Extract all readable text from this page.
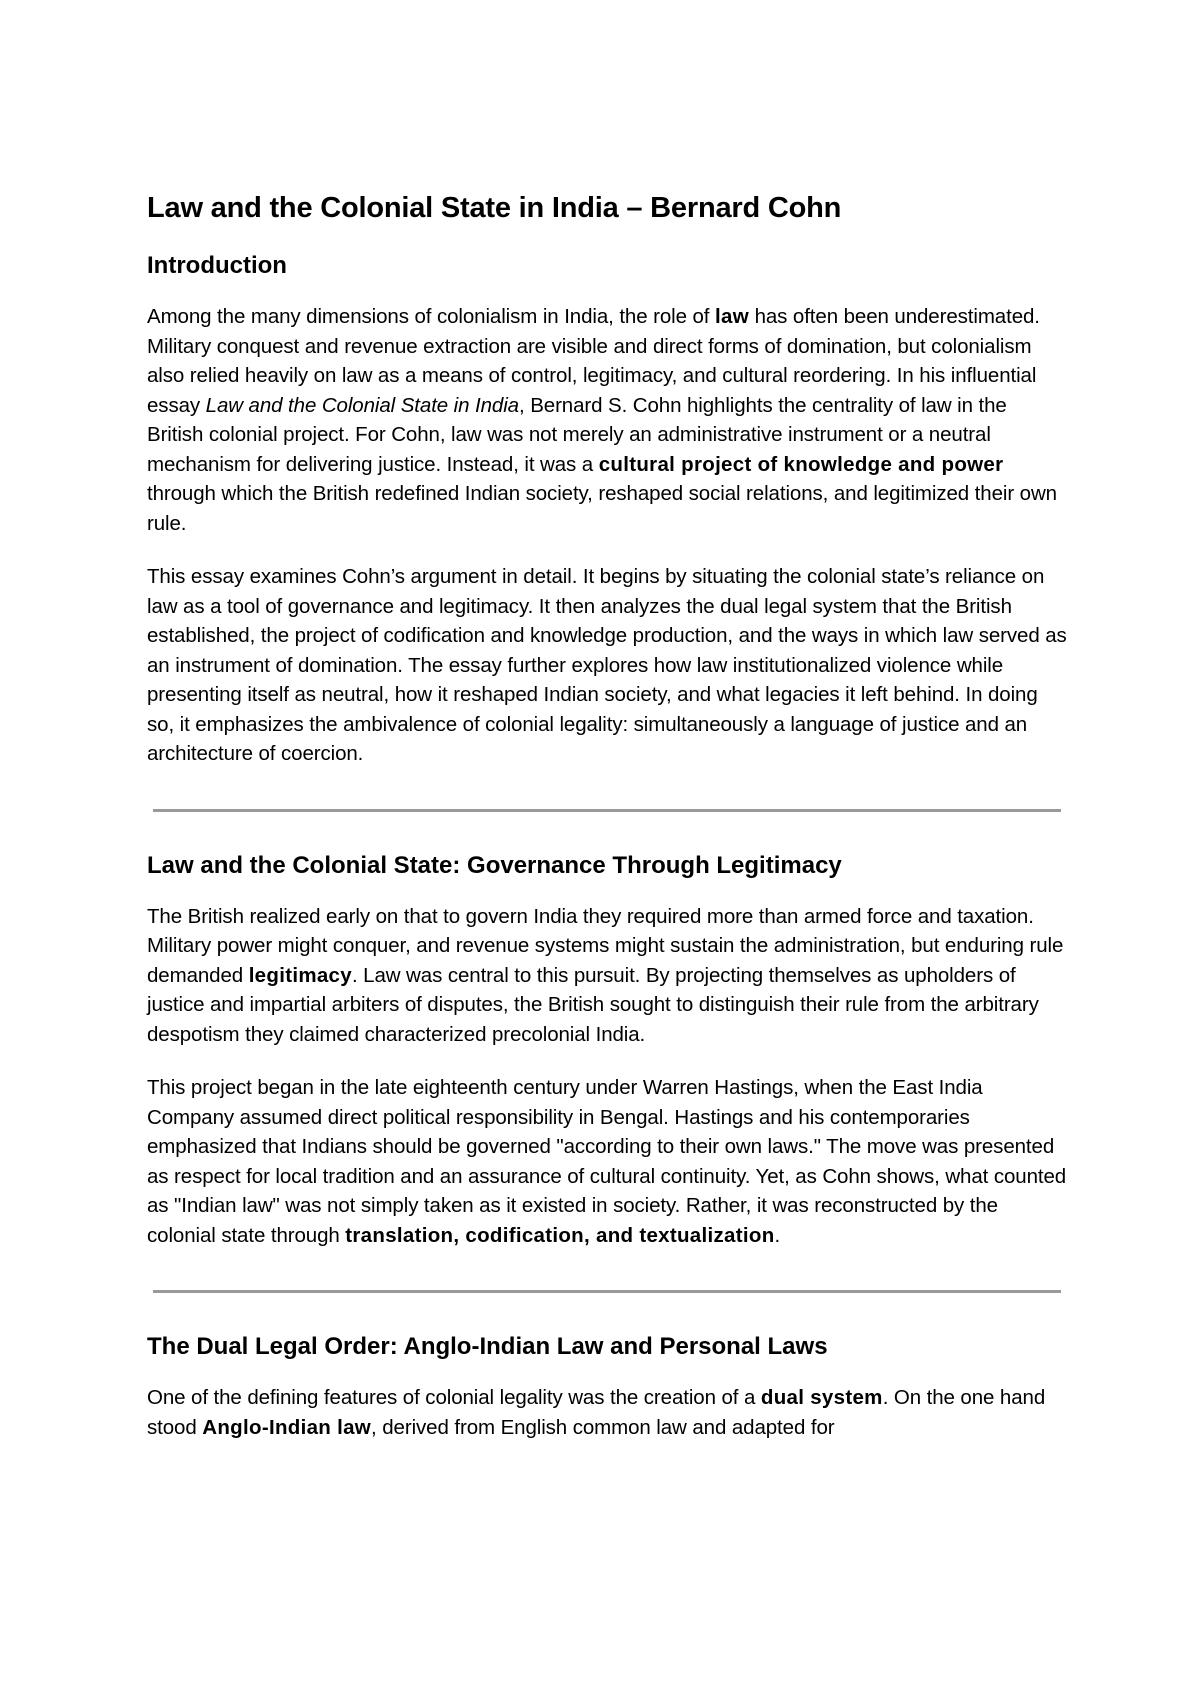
Law and the Colonial State in India – Bernard Cohn
Introduction

Among the many dimensions of colonialism in India, the role of law has often been underestimated. Military conquest and revenue extraction are visible and direct forms of domination, but colonialism also relied heavily on law as a means of control, legitimacy, and cultural reordering. In his influential essay Law and the Colonial State in India, Bernard S. Cohn highlights the centrality of law in the British colonial project. For Cohn, law was not merely an administrative instrument or a neutral mechanism for delivering justice. Instead, it was a cultural project of knowledge and power through which the British redefined Indian society, reshaped social relations, and legitimized their own rule.

This essay examines Cohn’s argument in detail. It begins by situating the colonial state’s reliance on law as a tool of governance and legitimacy. It then analyzes the dual legal system that the British established, the project of codification and knowledge production, and the ways in which law served as an instrument of domination. The essay further explores how law institutionalized violence while presenting itself as neutral, how it reshaped Indian society, and what legacies it left behind. In doing so, it emphasizes the ambivalence of colonial legality: simultaneously a language of justice and an architecture of coercion.

Law and the Colonial State: Governance Through Legitimacy

The British realized early on that to govern India they required more than armed force and taxation. Military power might conquer, and revenue systems might sustain the administration, but enduring rule demanded legitimacy. Law was central to this pursuit. By projecting themselves as upholders of justice and impartial arbiters of disputes, the British sought to distinguish their rule from the arbitrary despotism they claimed characterized precolonial India.

This project began in the late eighteenth century under Warren Hastings, when the East India Company assumed direct political responsibility in Bengal. Hastings and his contemporaries emphasized that Indians should be governed "according to their own laws." The move was presented as respect for local tradition and an assurance of cultural continuity. Yet, as Cohn shows, what counted as "Indian law" was not simply taken as it existed in society. Rather, it was reconstructed by the colonial state through translation, codification, and textualization.

The Dual Legal Order: Anglo-Indian Law and Personal Laws

One of the defining features of colonial legality was the creation of a dual system. On the one hand stood Anglo-Indian law, derived from English common law and adapted for
